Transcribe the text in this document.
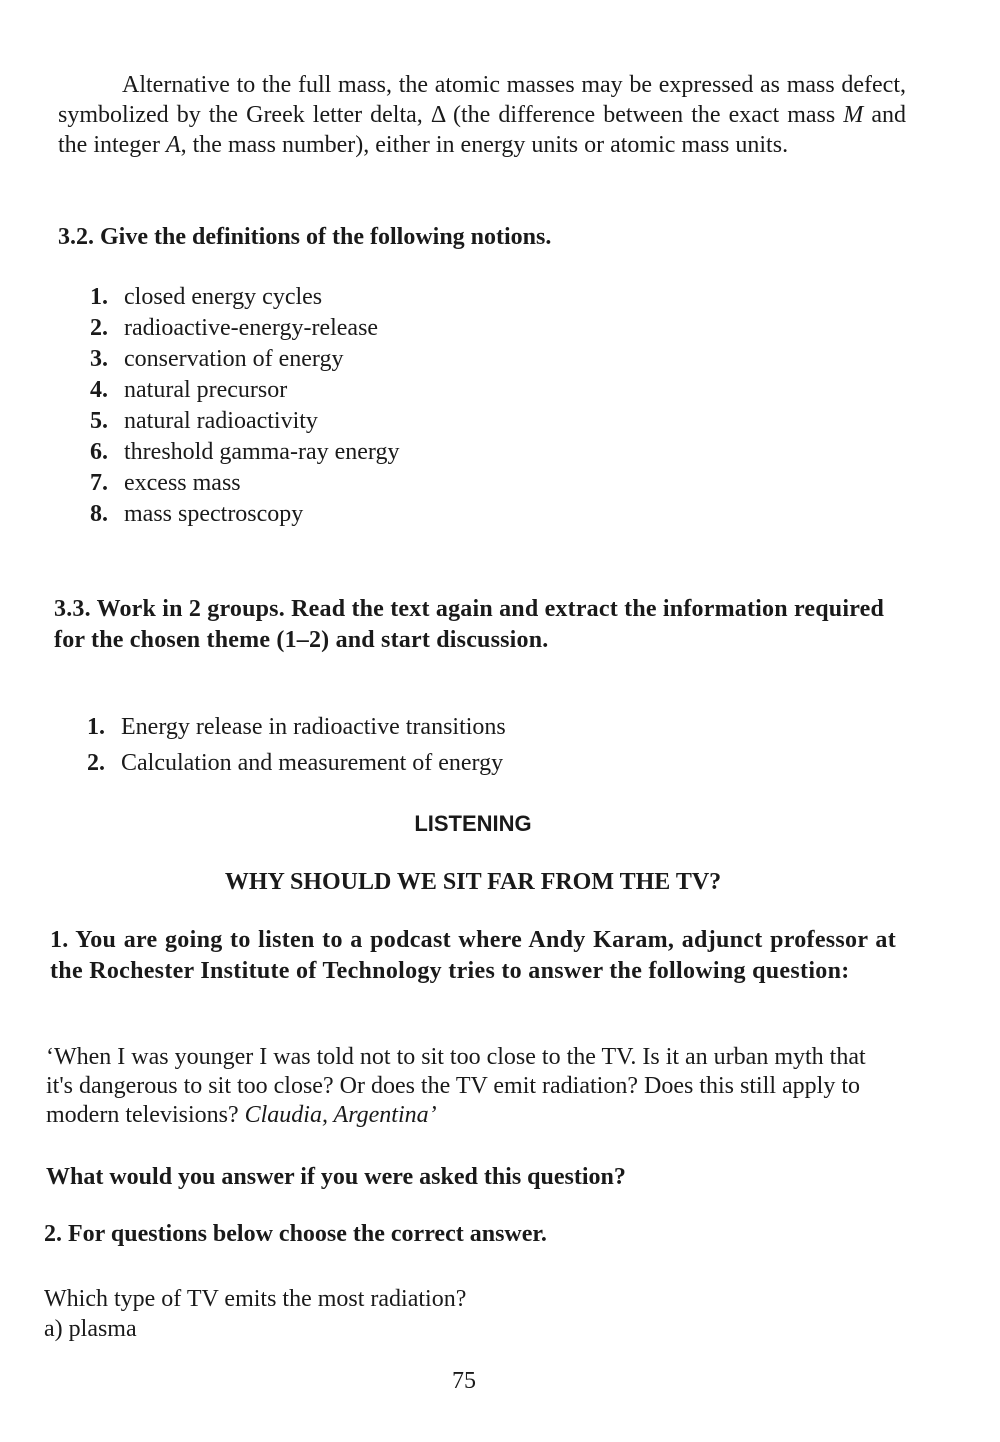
Alternative to the full mass, the atomic masses may be expressed as mass defect, symbolized by the Greek letter delta, Δ (the difference between the exact mass M and the integer A, the mass number), either in energy units or atomic mass units.

3.2. Give the definitions of the following notions.
1. closed energy cycles
2. radioactive-energy-release
3. conservation of energy
4. natural precursor
5. natural radioactivity
6. threshold gamma-ray energy
7. excess mass
8. mass spectroscopy
3.3. Work in 2 groups. Read the text again and extract the information required for the chosen theme (1–2) and start discussion.
1. Energy release in radioactive transitions
2. Calculation and measurement of energy
LISTENING
WHY SHOULD WE SIT FAR FROM THE TV?
1. You are going to listen to a podcast where Andy Karam, adjunct professor at the Rochester Institute of Technology tries to answer the following question:

‘When I was younger I was told not to sit too close to the TV. Is it an urban myth that it's dangerous to sit too close? Or does the TV emit radiation? Does this still apply to modern televisions? Claudia, Argentina’

What would you answer if you were asked this question?
2. For questions below choose the correct answer.

Which type of TV emits the most radiation?
a) plasma

75
